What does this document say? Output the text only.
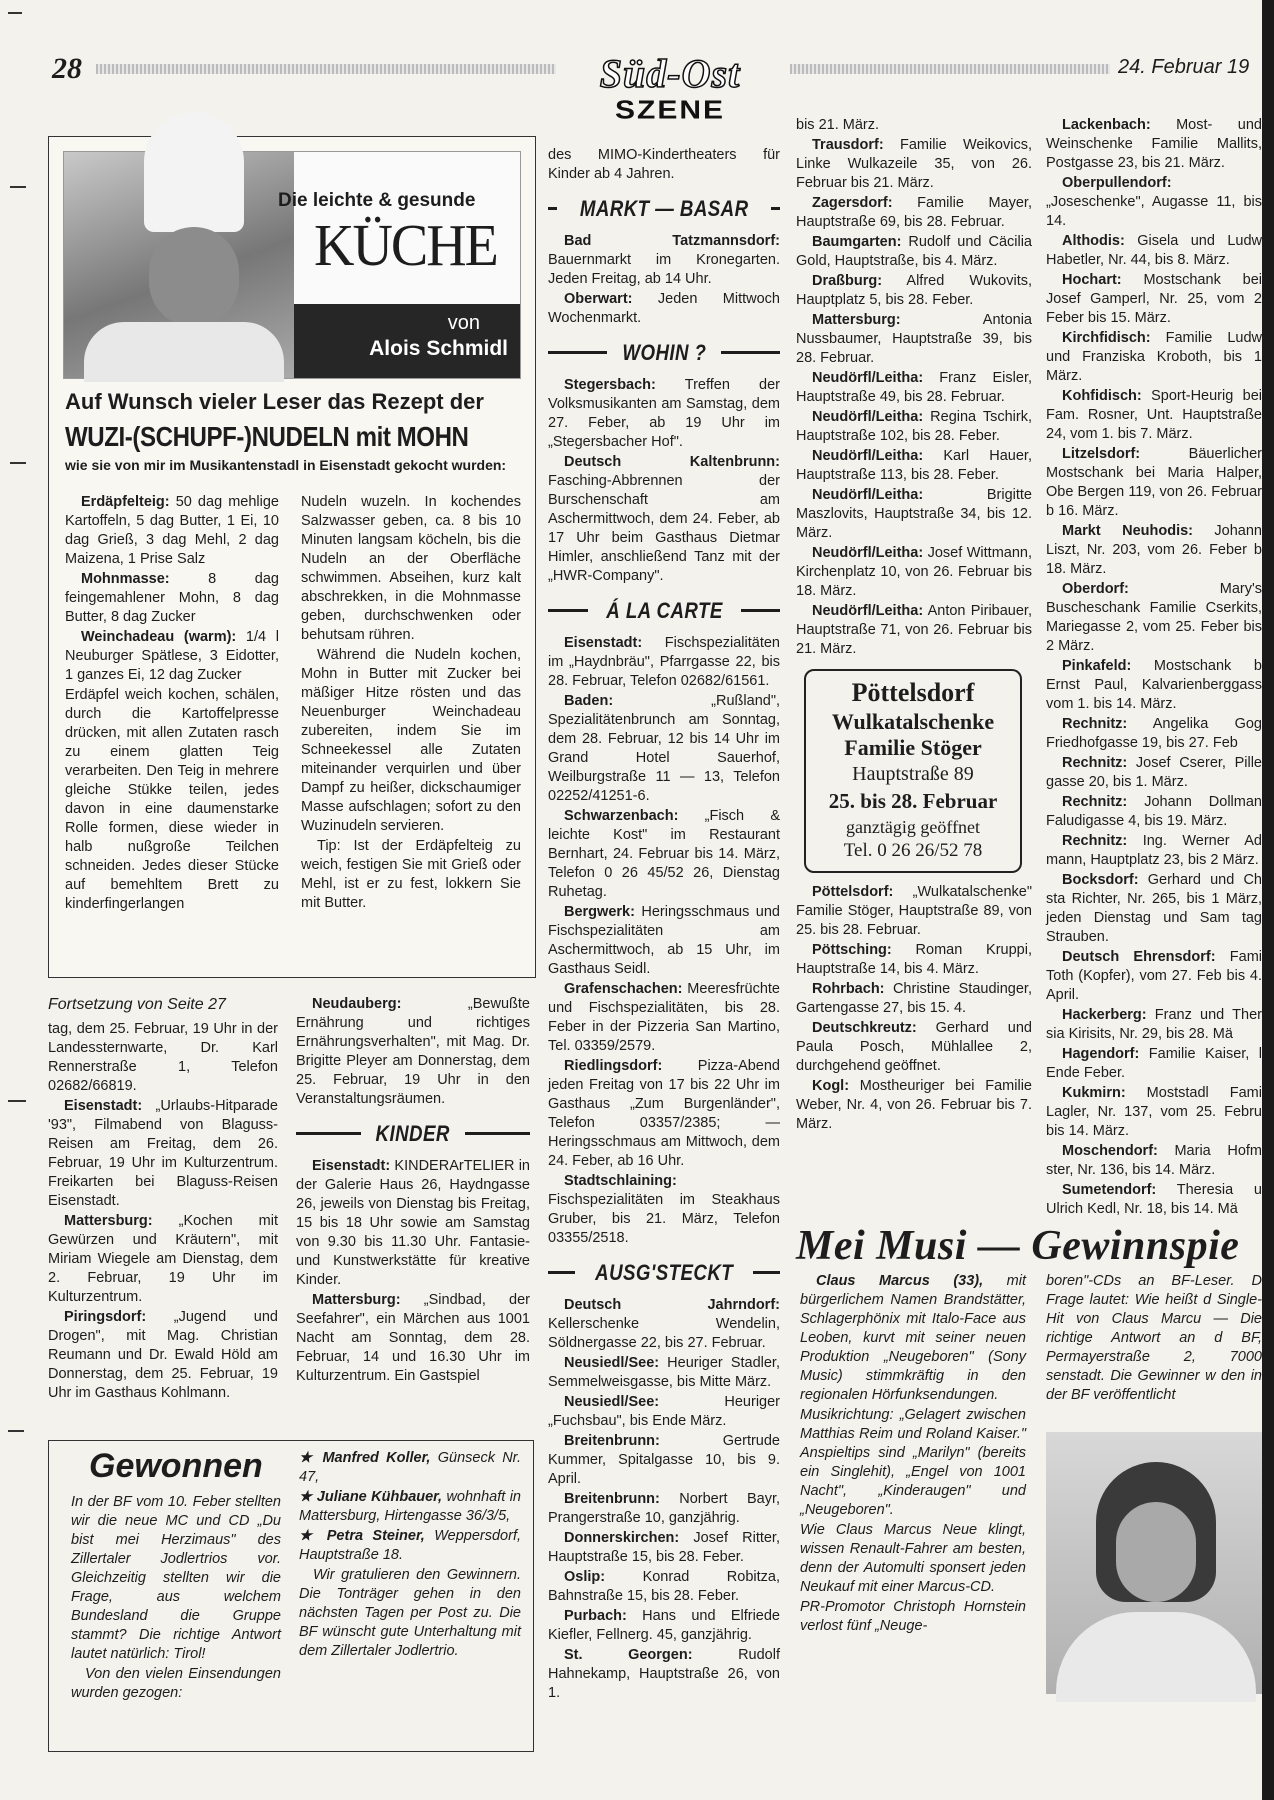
28	Süd-Ost
SZENE
24. Februar 19
Die leichte & gesunde
KÜCHE
von
Alois Schmidl
Auf Wunsch vieler Leser das Rezept der
WUZI-(SCHUPF-)NUDELN mit MOHN
wie sie von mir im Musikantenstadl in Eisenstadt gekocht wurden:

Erdäpfelteig: 50 dag mehlige Kartoffeln, 5 dag Butter, 1 Ei, 10 dag Grieß, 3 dag Mehl, 2 dag Maizena, 1 Prise Salz

Mohnmasse: 8 dag feingemahlener Mohn, 8 dag Butter, 8 dag Zucker

Weinchadeau (warm): 1/4 l Neuburger Spätlese, 3 Eidotter, 1 ganzes Ei, 12 dag Zucker

Erdäpfel weich kochen, schälen, durch die Kartoffelpresse drücken, mit allen Zutaten rasch zu einem glatten Teig verarbeiten. Den Teig in mehrere gleiche Stükke teilen, jedes davon in eine daumenstarke Rolle formen, diese wieder in halb nußgroße Teilchen schneiden. Jedes dieser Stücke auf bemehltem Brett zu kinderfingerlangen

Nudeln wuzeln. In kochendes Salzwasser geben, ca. 8 bis 10 Minuten langsam köcheln, bis die Nudeln an der Oberfläche schwimmen. Abseihen, kurz kalt abschrekken, in die Mohnmasse geben, durchschwenken oder behutsam rühren.

Während die Nudeln kochen, Mohn in Butter mit Zucker bei mäßiger Hitze rösten und das Neuenburger Weinchadeau zubereiten, indem Sie im Schneekessel alle Zutaten miteinander verquirlen und über Dampf zu heißer, dickschaumiger Masse aufschlagen; sofort zu den Wuzinudeln servieren.

Tip: Ist der Erdäpfelteig zu weich, festigen Sie mit Grieß oder Mehl, ist er zu fest, lokkern Sie mit Butter.

Fortsetzung von Seite 27

tag, dem 25. Februar, 19 Uhr in der Landessternwarte, Dr. Karl Rennerstraße 1, Telefon 02682/66819.

Eisenstadt: „Urlaubs-Hitparade '93", Filmabend von Blaguss-Reisen am Freitag, dem 26. Februar, 19 Uhr im Kulturzentrum. Freikarten bei Blaguss-Reisen Eisenstadt.

Mattersburg: „Kochen mit Gewürzen und Kräutern", mit Miriam Wiegele am Dienstag, dem 2. Februar, 19 Uhr im Kulturzentrum.

Piringsdorf: „Jugend und Drogen", mit Mag. Christian Reumann und Dr. Ewald Höld am Donnerstag, dem 25. Februar, 19 Uhr im Gasthaus Kohlmann.

Neudauberg: „Bewußte Ernährung und richtiges Ernährungsverhalten", mit Mag. Dr. Brigitte Pleyer am Donnerstag, dem 25. Februar, 19 Uhr in den Veranstaltungsräumen.

KINDER

Eisenstadt: KINDERArTELIER in der Galerie Haus 26, Haydngasse 26, jeweils von Dienstag bis Freitag, 15 bis 18 Uhr sowie am Samstag von 9.30 bis 11.30 Uhr. Fantasie- und Kunstwerkstätte für kreative Kinder.

Mattersburg: „Sindbad, der Seefahrer", ein Märchen aus 1001 Nacht am Sonntag, dem 28. Februar, 14 und 16.30 Uhr im Kulturzentrum. Ein Gastspiel

Gewonnen

In der BF vom 10. Feber stellten wir die neue MC und CD „Du bist mei Herzimaus" des Zillertaler Jodlertrios vor. Gleichzeitig stellten wir die Frage, aus welchem Bundesland die Gruppe stammt? Die richtige Antwort lautet natürlich: Tirol!

Von den vielen Einsendungen wurden gezogen:

★ Manfred Koller, Günseck Nr. 47,

★ Juliane Kühbauer, wohnhaft in Mattersburg, Hirtengasse 36/3/5,

★ Petra Steiner, Weppersdorf, Hauptstraße 18.

Wir gratulieren den Gewinnern. Die Tonträger gehen in den nächsten Tagen per Post zu. Die BF wünscht gute Unterhaltung mit dem Zillertaler Jodlertrio.

des MIMO-Kindertheaters für Kinder ab 4 Jahren.

MARKT — BASAR

Bad Tatzmannsdorf: Bauernmarkt im Kronegarten. Jeden Freitag, ab 14 Uhr.

Oberwart: Jeden Mittwoch Wochenmarkt.

WOHIN ?

Stegersbach: Treffen der Volksmusikanten am Samstag, dem 27. Feber, ab 19 Uhr im „Stegersbacher Hof".

Deutsch Kaltenbrunn: Fasching-Abbrennen der Burschenschaft am Aschermittwoch, dem 24. Feber, ab 17 Uhr beim Gasthaus Dietmar Himler, anschließend Tanz mit der „HWR-Company".

Á LA CARTE

Eisenstadt: Fischspezialitäten im „Haydnbräu", Pfarrgasse 22, bis 28. Februar, Telefon 02682/61561.

Baden: „Rußland", Spezialitätenbrunch am Sonntag, dem 28. Februar, 12 bis 14 Uhr im Grand Hotel Sauerhof, Weilburgstraße 11 — 13, Telefon 02252/41251-6.

Schwarzenbach: „Fisch & leichte Kost" im Restaurant Bernhart, 24. Februar bis 14. März, Telefon 0 26 45/52 26, Dienstag Ruhetag.

Bergwerk: Heringsschmaus und Fischspezialitäten am Aschermittwoch, ab 15 Uhr, im Gasthaus Seidl.

Grafenschachen: Meeresfrüchte und Fischspezialitäten, bis 28. Feber in der Pizzeria San Martino, Tel. 03359/2579.

Riedlingsdorf: Pizza-Abend jeden Freitag von 17 bis 22 Uhr im Gasthaus „Zum Burgenländer", Telefon 03357/2385; — Heringsschmaus am Mittwoch, dem 24. Feber, ab 16 Uhr.

Stadtschlaining: Fischspezialitäten im Steakhaus Gruber, bis 21. März, Telefon 03355/2518.

AUSG'STECKT

Deutsch Jahrndorf: Kellerschenke Wendelin, Söldnergasse 22, bis 27. Februar.

Neusiedl/See: Heuriger Stadler, Semmelweisgasse, bis Mitte März.

Neusiedl/See: Heuriger „Fuchsbau", bis Ende März.

Breitenbrunn: Gertrude Kummer, Spitalgasse 10, bis 9. April.

Breitenbrunn: Norbert Bayr, Prangerstraße 10, ganzjährig.

Donnerskirchen: Josef Ritter, Hauptstraße 15, bis 28. Feber.

Oslip: Konrad Robitza, Bahnstraße 15, bis 28. Feber.

Purbach: Hans und Elfriede Kiefler, Fellnerg. 45, ganzjährig.

St. Georgen: Rudolf Hahnekamp, Hauptstraße 26, von 1.

bis 21. März.

Trausdorf: Familie Weikovics, Linke Wulkazeile 35, von 26. Februar bis 21. März.

Zagersdorf: Familie Mayer, Hauptstraße 69, bis 28. Februar.

Baumgarten: Rudolf und Cäcilia Gold, Hauptstraße, bis 4. März.

Draßburg: Alfred Wukovits, Hauptplatz 5, bis 28. Feber.

Mattersburg: Antonia Nussbaumer, Hauptstraße 39, bis 28. Februar.

Neudörfl/Leitha: Franz Eisler, Hauptstraße 49, bis 28. Februar.

Neudörfl/Leitha: Regina Tschirk, Hauptstraße 102, bis 28. Feber.

Neudörfl/Leitha: Karl Hauer, Hauptstraße 113, bis 28. Feber.

Neudörfl/Leitha: Brigitte Maszlovits, Hauptstraße 34, bis 12. März.

Neudörfl/Leitha: Josef Wittmann, Kirchenplatz 10, von 26. Februar bis 18. März.

Neudörfl/Leitha: Anton Piribauer, Hauptstraße 71, von 26. Februar bis 21. März.

Pöttelsdorf
Wulkatalschenke
Familie Stöger
Hauptstraße 89
25. bis 28. Februar
ganztägig geöffnet
Tel. 0 26 26/52 78

Pöttelsdorf: „Wulkatalschenke" Familie Stöger, Hauptstraße 89, von 25. bis 28. Februar.

Pöttsching: Roman Kruppi, Hauptstraße 14, bis 4. März.

Rohrbach: Christine Staudinger, Gartengasse 27, bis 15. 4.

Deutschkreutz: Gerhard und Paula Posch, Mühlallee 2, durchgehend geöffnet.

Kogl: Mostheuriger bei Familie Weber, Nr. 4, von 26. Februar bis 7. März.

Lackenbach: Most- und Weinschenke Familie Mallits, Postgasse 23, bis 21. März.

Oberpullendorf: „Joseschenke", Augasse 11, bis 14.

Althodis: Gisela und Ludw Habetler, Nr. 44, bis 8. März.

Hochart: Mostschank bei Josef Gamperl, Nr. 25, vom 2 Feber bis 15. März.

Kirchfidisch: Familie Ludw und Franziska Kroboth, bis 1 März.

Kohfidisch: Sport-Heurig bei Fam. Rosner, Unt. Hauptstraße 24, vom 1. bis 7. März.

Litzelsdorf: Bäuerlicher Mostschank bei Maria Halper, Obe Bergen 119, von 26. Februar b 16. März.

Markt Neuhodis: Johann Liszt, Nr. 203, vom 26. Feber b 18. März.

Oberdorf: Mary's Buscheschank Familie Cserkits, Mariegasse 2, vom 25. Feber bis 2 März.

Pinkafeld: Mostschank b Ernst Paul, Kalvarienberggass vom 1. bis 14. März.

Rechnitz: Angelika Gog Friedhofgasse 19, bis 27. Feb

Rechnitz: Josef Cserer, Pille gasse 20, bis 1. März.

Rechnitz: Johann Dollman Faludigasse 4, bis 19. März.

Rechnitz: Ing. Werner Ad mann, Hauptplatz 23, bis 2 März.

Bocksdorf: Gerhard und Ch sta Richter, Nr. 265, bis 1 März, jeden Dienstag und Sam tag Strauben.

Deutsch Ehrensdorf: Fami Toth (Kopfer), vom 27. Feb bis 4. April.

Hackerberg: Franz und Ther sia Kirisits, Nr. 29, bis 28. Mä

Hagendorf: Familie Kaiser, l Ende Feber.

Kukmirn: Moststadl Fami Lagler, Nr. 137, vom 25. Febru bis 14. März.

Moschendorf: Maria Hofm ster, Nr. 136, bis 14. März.

Sumetendorf: Theresia u Ulrich Kedl, Nr. 18, bis 14. Mä

Mei Musi — Gewinnspie

Claus Marcus (33), mit bürgerlichem Namen Brandstätter, Schlagerphönix mit Italo-Face aus Leoben, kurvt mit seiner neuen Produktion „Neugeboren" (Sony Music) stimmkräftig in den regionalen Hörfunksendungen.

Musikrichtung: „Gelagert zwischen Matthias Reim und Roland Kaiser." Anspieltips sind „Marilyn" (bereits ein Singlehit), „Engel von 1001 Nacht", „Kinderaugen" und „Neugeboren".

Wie Claus Marcus Neue klingt, wissen Renault-Fahrer am besten, denn der Automulti sponsert jeden Neukauf mit einer Marcus-CD.

PR-Promotor Christoph Hornstein verlost fünf „Neuge-

boren"-CDs an BF-Leser. D Frage lautet: Wie heißt d Single-Hit von Claus Marcu — Die richtige Antwort an d BF, Permayerstraße 2, 7000 senstadt. Die Gewinner w den in der BF veröffentlicht
